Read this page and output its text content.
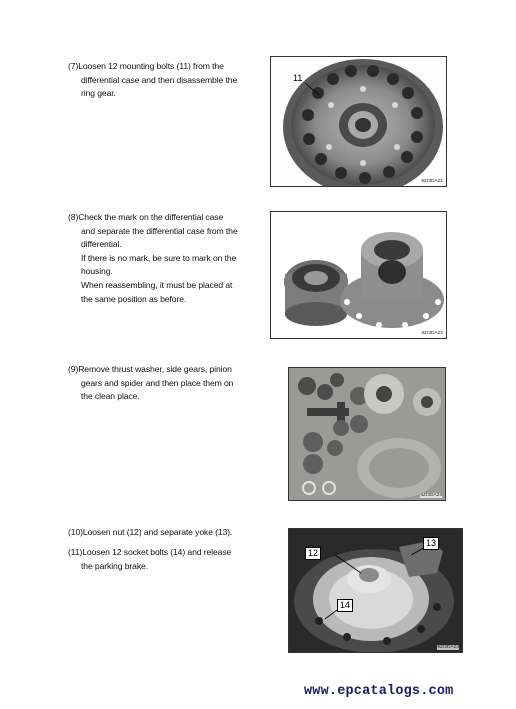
(7)Loosen 12 mounting bolts (11) from the

differential case and then disassemble the

ring gear.

(8)Check the mark on the differential case

and separate the differential case from the

differential.

If there is no mark, be sure to mark on the

housing.

When reassembling, it must be placed at

the same position as before.

(9)Remove thrust washer, side gears, pinion

gears and spider and then place them on

the clean place.

(10)Loosen nut (12) and separate yoke (13).

(11)Loosen 12 socket bolts (14) and release

the parking brake.

11
9ZI3DA21
9ZI3DA22
9ZI3DA23
12
13
14
9ZI3DA24
www.epcatalogs.com
